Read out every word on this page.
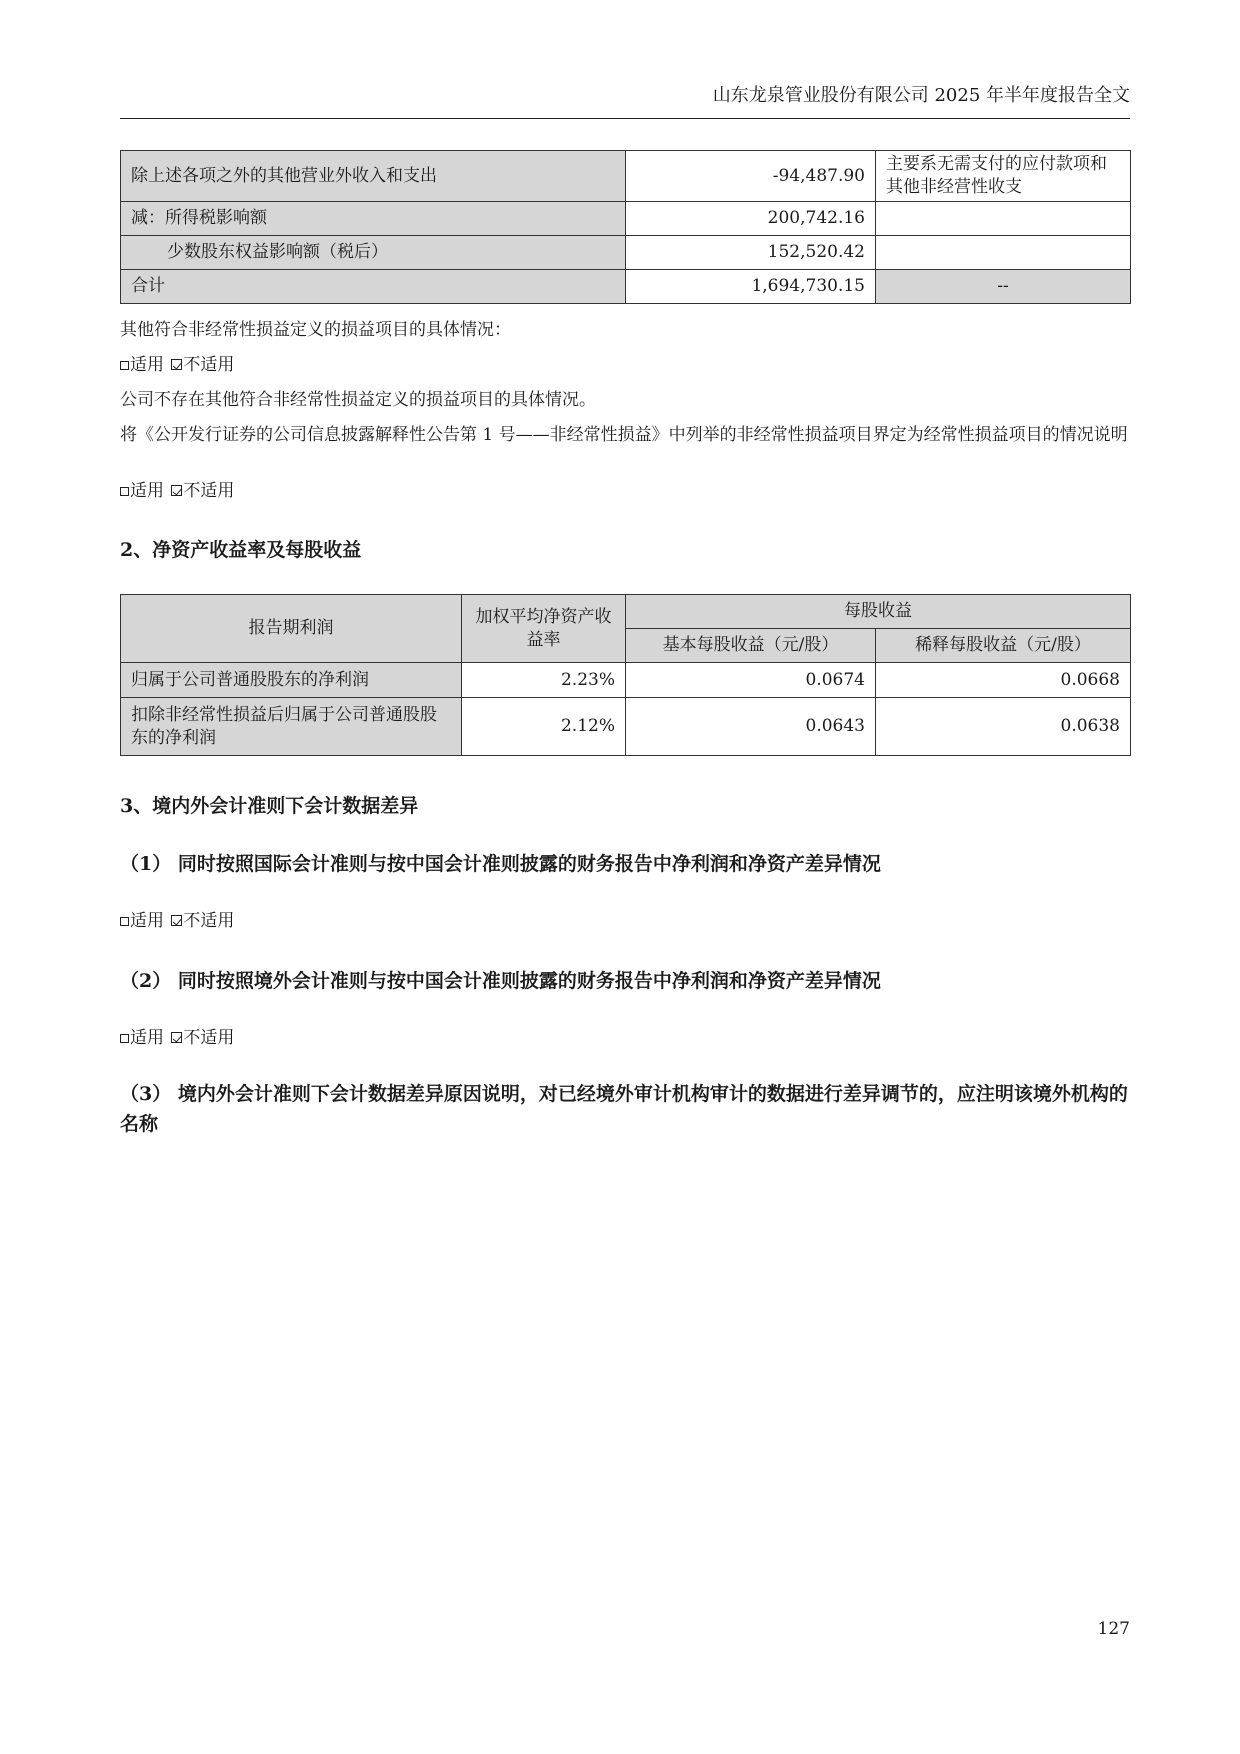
山东龙泉管业股份有限公司 2025 年半年度报告全文
除上述各项之外的其他营业外收入和支出	-94,487.90	主要系无需支付的应付款项和其他非经营性收支
减：所得税影响额	200,742.16	
少数股东权益影响额（税后）	152,520.42	
合计	1,694,730.15	--

其他符合非经常性损益定义的损益项目的具体情况：

适用 不适用

公司不存在其他符合非经常性损益定义的损益项目的具体情况。

将《公开发行证券的公司信息披露解释性公告第 1 号——非经常性损益》中列举的非经常性损益项目界定为经常性损益项目的情况说明

适用 不适用

2、净资产收益率及每股收益

报告期利润	加权平均净资产收益率	每股收益	
		基本每股收益（元/股）	稀释每股收益（元/股）
归属于公司普通股股东的净利润	2.23%	0.0674	0.0668
扣除非经常性损益后归属于公司普通股股东的净利润	2.12%	0.0643	0.0638

3、境内外会计准则下会计数据差异

（1） 同时按照国际会计准则与按中国会计准则披露的财务报告中净利润和净资产差异情况

适用 不适用

（2） 同时按照境外会计准则与按中国会计准则披露的财务报告中净利润和净资产差异情况

适用 不适用

（3） 境内外会计准则下会计数据差异原因说明，对已经境外审计机构审计的数据进行差异调节的，应注明该境外机构的名称

127
